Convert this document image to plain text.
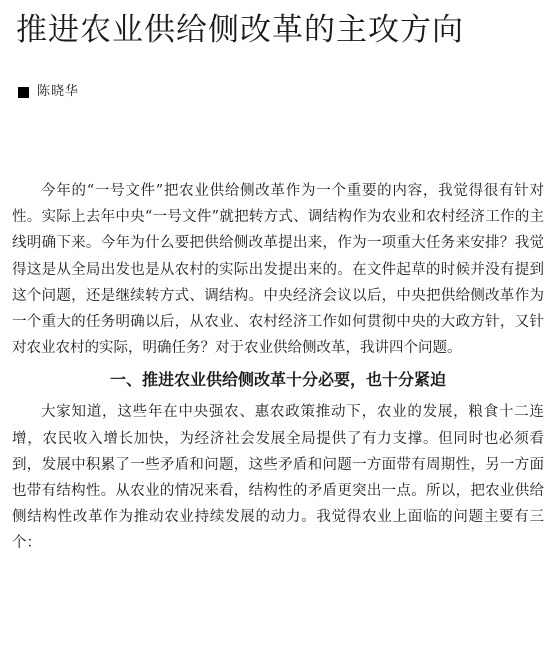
推进农业供给侧改革的主攻方向
陈晓华

今年的“一号文件”把农业供给侧改革作为一个重要的内容，我觉得很有针对性。实际上去年中央“一号文件”就把转方式、调结构作为农业和农村经济工作的主线明确下来。今年为什么要把供给侧改革提出来，作为一项重大任务来安排？我觉得这是从全局出发也是从农村的实际出发提出来的。在文件起草的时候并没有提到这个问题，还是继续转方式、调结构。中央经济会议以后，中央把供给侧改革作为一个重大的任务明确以后，从农业、农村经济工作如何贯彻中央的大政方针，又针对农业农村的实际，明确任务？对于农业供给侧改革，我讲四个问题。

一、推进农业供给侧改革十分必要，也十分紧迫

大家知道，这些年在中央强农、惠农政策推动下，农业的发展，粮食十二连增，农民收入增长加快，为经济社会发展全局提供了有力支撑。但同时也必须看到，发展中积累了一些矛盾和问题，这些矛盾和问题一方面带有周期性，另一方面也带有结构性。从农业的情况来看，结构性的矛盾更突出一点。所以，把农业供给侧结构性改革作为推动农业持续发展的动力。我觉得农业上面临的问题主要有三个：
